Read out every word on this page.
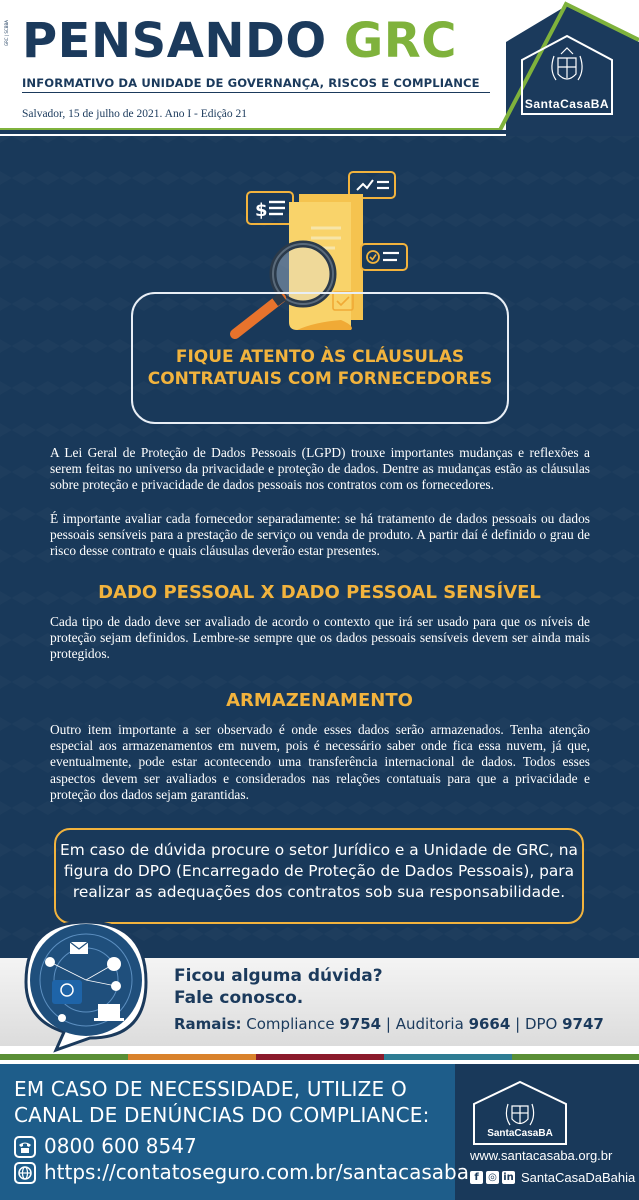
GRC | SCBBA PENSANDO GRC
INFORMATIVO DA UNIDADE DE GOVERNANÇA, RISCOS E COMPLIANCE
Salvador, 15 de julho de 2021. Ano I - Edição 21
SantaCasaBA
$
FIQUE ATENTO ÀS CLÁUSULAS
CONTRATUAIS COM FORNECEDORES
A Lei Geral de Proteção de Dados Pessoais (LGPD) trouxe importantes mudanças e reflexões a serem feitas no universo da privacidade e proteção de dados. Dentre as mudanças estão as cláusulas sobre proteção e privacidade de dados pessoais nos contratos com os fornecedores.
É importante avaliar cada fornecedor separadamente: se há tratamento de dados pessoais ou dados pessoais sensíveis para a prestação de serviço ou venda de produto. A partir daí é definido o grau de risco desse contrato e quais cláusulas deverão estar presentes.
DADO PESSOAL X DADO PESSOAL SENSÍVEL
Cada tipo de dado deve ser avaliado de acordo o contexto que irá ser usado para que os níveis de proteção sejam definidos. Lembre-se sempre que os dados pessoais sensíveis devem ser ainda mais protegidos.
ARMAZENAMENTO
Outro item importante a ser observado é onde esses dados serão armazenados. Tenha atenção especial aos armazenamentos em nuvem, pois é necessário saber onde fica essa nuvem, já que, eventualmente, pode estar acontecendo uma transferência internacional de dados. Todos esses aspectos devem ser avaliados e considerados nas relações contatuais para que a privacidade e proteção dos dados sejam garantidas.
Em caso de dúvida procure o setor Jurídico e a Unidade de GRC, na figura do DPO (Encarregado de Proteção de Dados Pessoais), para realizar as adequações dos contratos sob sua responsabilidade.
Ficou alguma dúvida?
Fale conosco.
Ramais: Compliance 9754 | Auditoria 9664 | DPO 9747
EM CASO DE NECESSIDADE, UTILIZE O
CANAL DE DENÚNCIAS DO COMPLIANCE:
0800 600 8547
https://contatoseguro.com.br/santacasaba
SantaCasaBA
www.santacasaba.org.br
f ◎ in SantaCasaDaBahia
